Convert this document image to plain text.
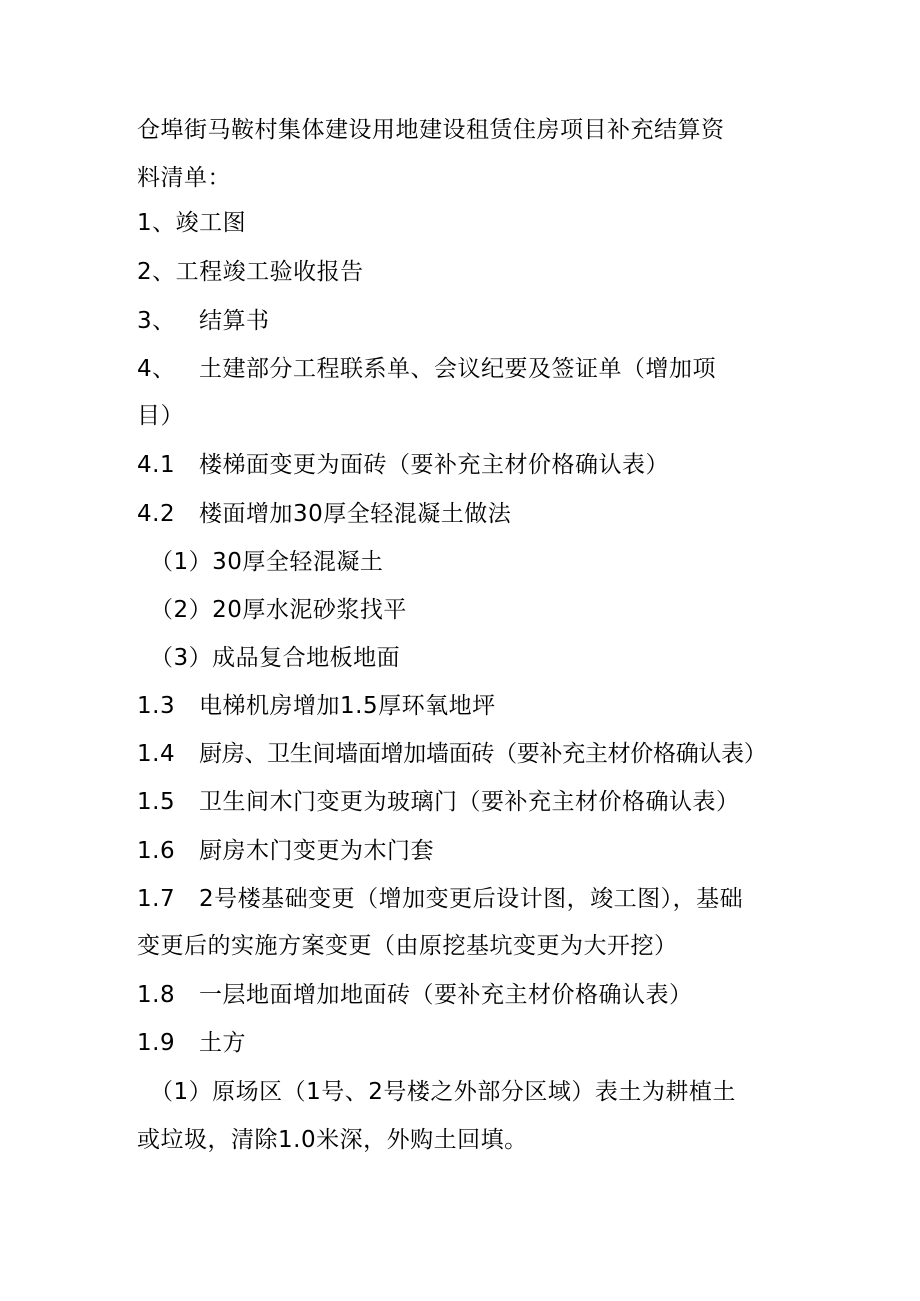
仓埠街马鞍村集体建设用地建设租赁住房项目补充结算资
料清单：
1、竣工图
2、工程竣工验收报告
3、 结算书
4、 土建部分工程联系单、会议纪要及签证单（增加项
目）
4.1 楼梯面变更为面砖（要补充主材价格确认表）
4.2 楼面增加30厚全轻混凝土做法
（1）30厚全轻混凝土
（2）20厚水泥砂浆找平
（3）成品复合地板地面
1.3 电梯机房增加1.5厚环氧地坪
1.4 厨房、卫生间墙面增加墙面砖（要补充主材价格确认表）
1.5 卫生间木门变更为玻璃门（要补充主材价格确认表）
1.6 厨房木门变更为木门套
1.7 2号楼基础变更（增加变更后设计图，竣工图），基础
变更后的实施方案变更（由原挖基坑变更为大开挖）
1.8 一层地面增加地面砖（要补充主材价格确认表）
1.9 土方
（1）原场区（1号、2号楼之外部分区域）表土为耕植土
或垃圾，清除1.0米深，外购土回填。
